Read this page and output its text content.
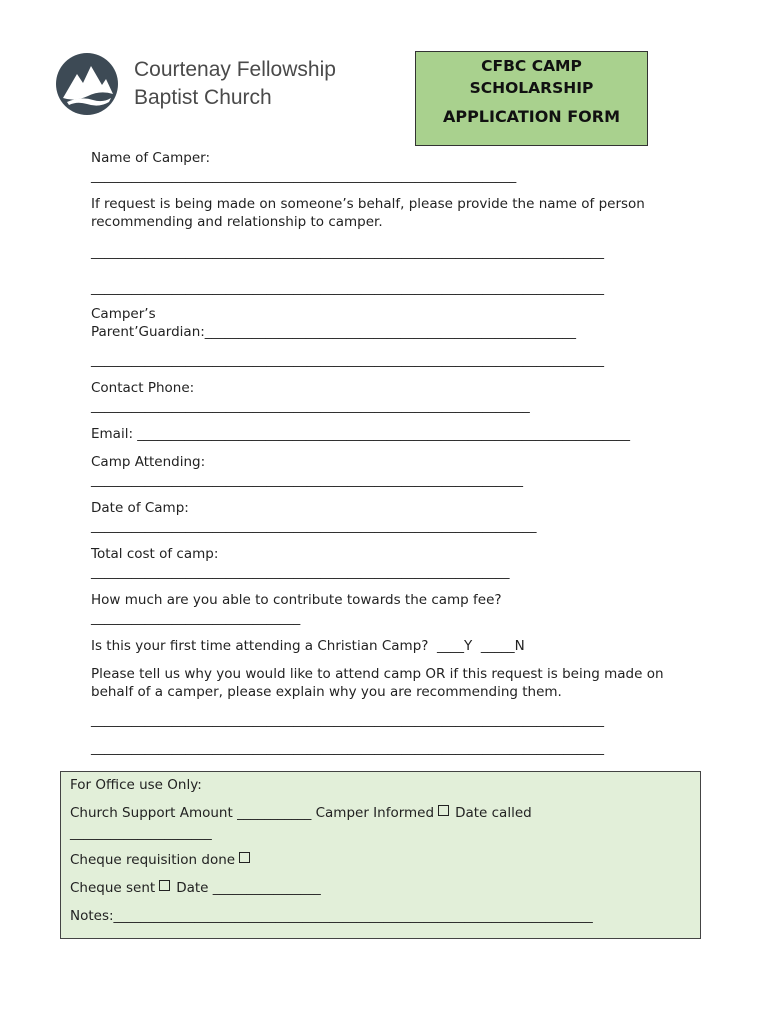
Courtenay Fellowship
Baptist Church
CFBC CAMP
SCHOLARSHIP
APPLICATION FORM
Name of Camper:
_______________________________________________________________
If request is being made on someone’s behalf, please provide the name of person
recommending and relationship to camper.
____________________________________________________________________________
____________________________________________________________________________
Camper’s
Parent’Guardian:_______________________________________________________
____________________________________________________________________________
Contact Phone:
_________________________________________________________________
Email: _________________________________________________________________________
Camp Attending:
________________________________________________________________
Date of Camp:
__________________________________________________________________
Total cost of camp:
______________________________________________________________
How much are you able to contribute towards the camp fee?
_______________________________
Is this your first time attending a Christian Camp?  ____Y  _____N
Please tell us why you would like to attend camp OR if this request is being made on
behalf of a camper, please explain why you are recommending them.
____________________________________________________________________________
____________________________________________________________________________
For Office use Only:
Church Support Amount ___________ Camper Informed Date called
_____________________
Cheque requisition done
Cheque sent Date ________________
Notes:_______________________________________________________________________
